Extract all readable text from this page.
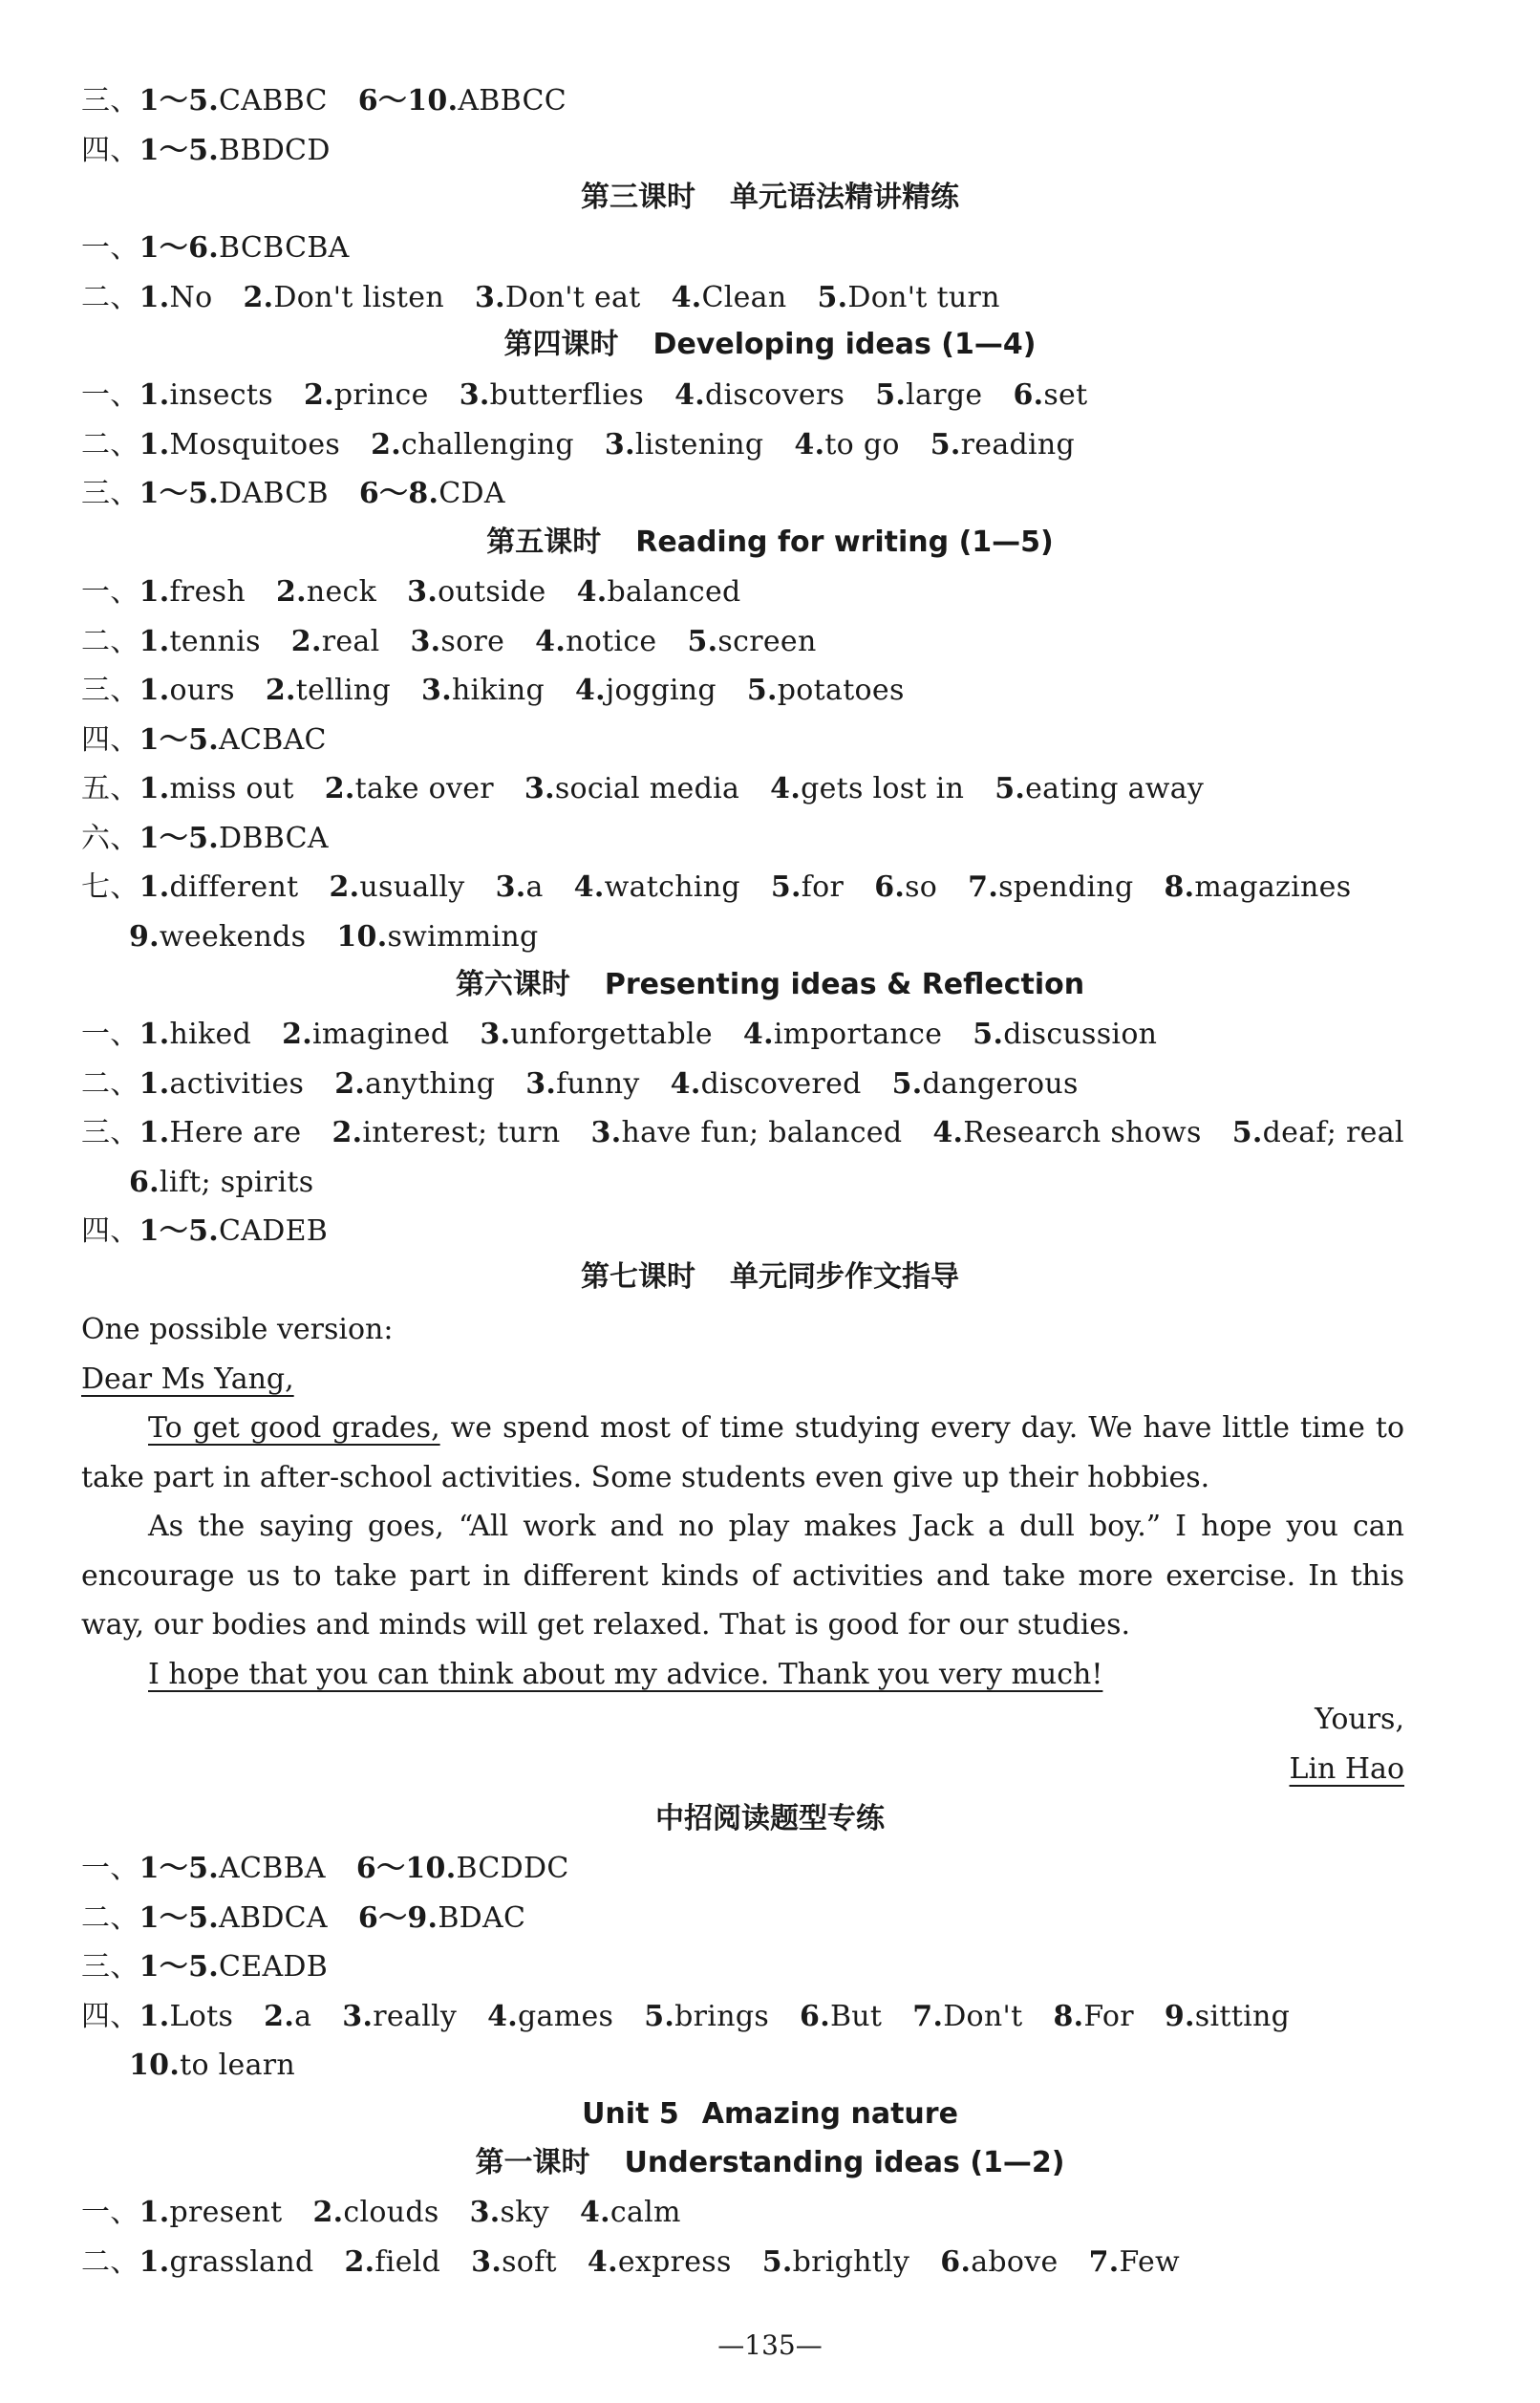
三、1～5.CABBC 6～10.ABBCC
四、1～5.BBDCD
第三课时 单元语法精讲精练
一、1～6.BCBCBA
二、1.No 2.Don't listen 3.Don't eat 4.Clean 5.Don't turn
第四课时 Developing ideas (1—4)
一、1.insects 2.prince 3.butterflies 4.discovers 5.large 6.set
二、1.Mosquitoes 2.challenging 3.listening 4.to go 5.reading
三、1～5.DABCB 6～8.CDA
第五课时 Reading for writing (1—5)
一、1.fresh 2.neck 3.outside 4.balanced
二、1.tennis 2.real 3.sore 4.notice 5.screen
三、1.ours 2.telling 3.hiking 4.jogging 5.potatoes
四、1～5.ACBAC
五、1.miss out 2.take over 3.social media 4.gets lost in 5.eating away
六、1～5.DBBCA
七、1.different 2.usually 3.a 4.watching 5.for 6.so 7.spending 8.magazines
9.weekends 10.swimming
第六课时 Presenting ideas & Reflection
一、1.hiked 2.imagined 3.unforgettable 4.importance 5.discussion
二、1.activities 2.anything 3.funny 4.discovered 5.dangerous
三、1.Here are 2.interest; turn 3.have fun; balanced 4.Research shows 5.deaf; real
6.lift; spirits
四、1～5.CADEB
第七课时 单元同步作文指导

One possible version:

Dear Ms Yang,

To get good grades, we spend most of time studying every day. We have little time to take part in after-school activities. Some students even give up their hobbies.

As the saying goes, “All work and no play makes Jack a dull boy.” I hope you can encourage us to take part in different kinds of activities and take more exercise. In this way, our bodies and minds will get relaxed. That is good for our studies.

I hope that you can think about my advice. Thank you very much!

Yours,
Lin Hao
中招阅读题型专练
一、1～5.ACBBA 6～10.BCDDC
二、1～5.ABDCA 6～9.BDAC
三、1～5.CEADB
四、1.Lots 2.a 3.really 4.games 5.brings 6.But 7.Don't 8.For 9.sitting
10.to learn
Unit 5 Amazing nature
第一课时 Understanding ideas (1—2)
一、1.present 2.clouds 3.sky 4.calm
二、1.grassland 2.field 3.soft 4.express 5.brightly 6.above 7.Few
—135—
